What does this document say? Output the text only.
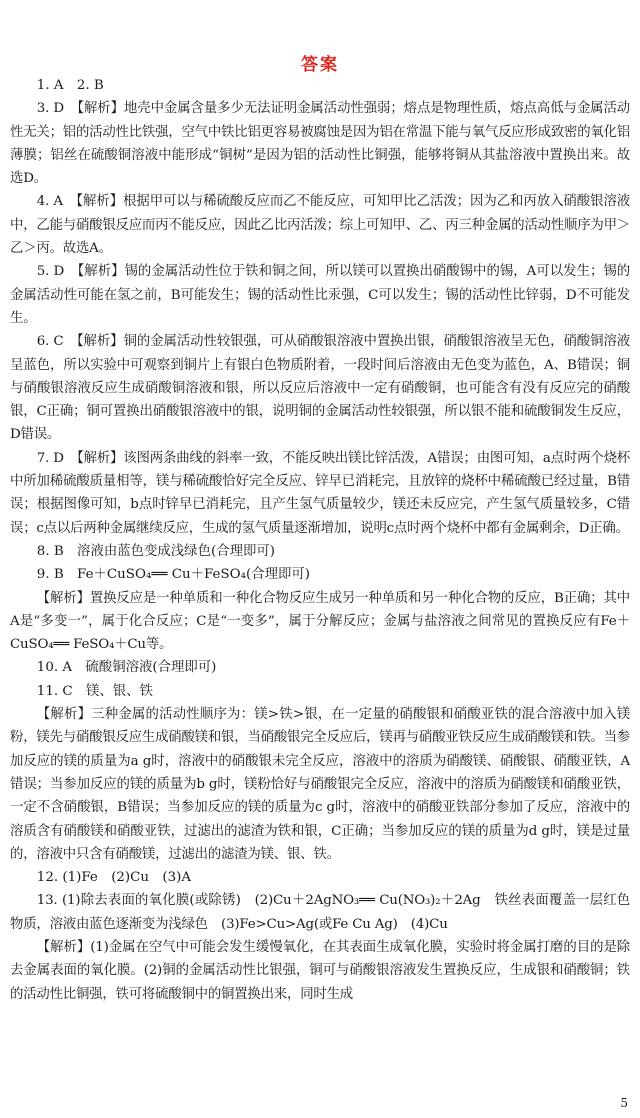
答案

1. A　2. B

3. D　【解析】地壳中金属含量多少无法证明金属活动性强弱；熔点是物理性质，熔点高低与金属活动性无关；铝的活动性比铁强，空气中铁比铝更容易被腐蚀是因为铝在常温下能与氧气反应形成致密的氧化铝薄膜；铝丝在硫酸铜溶液中能形成“铜树”是因为铝的活动性比铜强，能够将铜从其盐溶液中置换出来。故选D。

4. A　【解析】根据甲可以与稀硫酸反应而乙不能反应，可知甲比乙活泼；因为乙和丙放入硝酸银溶液中，乙能与硝酸银反应而丙不能反应，因此乙比丙活泼；综上可知甲、乙、丙三种金属的活动性顺序为甲＞乙＞丙。故选A。

5. D　【解析】锡的金属活动性位于铁和铜之间，所以镁可以置换出硝酸锡中的锡，A可以发生；锡的金属活动性可能在氢之前，B可能发生；锡的活动性比汞强，C可以发生；锡的活动性比锌弱，D不可能发生。

6. C　【解析】铜的金属活动性较银强，可从硝酸银溶液中置换出银，硝酸银溶液呈无色，硝酸铜溶液呈蓝色，所以实验中可观察到铜片上有银白色物质附着，一段时间后溶液由无色变为蓝色，A、B错误；铜与硝酸银溶液反应生成硝酸铜溶液和银，所以反应后溶液中一定有硝酸铜，也可能含有没有反应完的硝酸银，C正确；铜可置换出硝酸银溶液中的银，说明铜的金属活动性较银强，所以银不能和硫酸铜发生反应，D错误。

7. D　【解析】该图两条曲线的斜率一致，不能反映出镁比锌活泼，A错误；由图可知，a点时两个烧杯中所加稀硫酸质量相等，镁与稀硫酸恰好完全反应、锌早已消耗完，且放锌的烧杯中稀硫酸已经过量，B错误；根据图像可知，b点时锌早已消耗完，且产生氢气质量较少，镁还未反应完，产生氢气质量较多，C错误；c点以后两种金属继续反应，生成的氢气质量逐渐增加，说明c点时两个烧杯中都有金属剩余，D正确。

8. B　溶液由蓝色变成浅绿色(合理即可)

9. B　Fe＋CuSO₄══ Cu＋FeSO₄(合理即可)

【解析】置换反应是一种单质和一种化合物反应生成另一种单质和另一种化合物的反应，B正确；其中A是“多变一”，属于化合反应；C是“一变多”，属于分解反应；金属与盐溶液之间常见的置换反应有Fe＋CuSO₄══ FeSO₄＋Cu等。

10. A　硫酸铜溶液(合理即可)

11. C　镁、银、铁

【解析】三种金属的活动性顺序为：镁>铁>银，在一定量的硝酸银和硝酸亚铁的混合溶液中加入镁粉，镁先与硝酸银反应生成硝酸镁和银，当硝酸银完全反应后，镁再与硝酸亚铁反应生成硝酸镁和铁。当参加反应的镁的质量为a g时，溶液中的硝酸银未完全反应，溶液中的溶质为硝酸镁、硝酸银、硝酸亚铁，A错误；当参加反应的镁的质量为b g时，镁粉恰好与硝酸银完全反应，溶液中的溶质为硝酸镁和硝酸亚铁，一定不含硝酸银，B错误；当参加反应的镁的质量为c g时，溶液中的硝酸亚铁部分参加了反应，溶液中的溶质含有硝酸镁和硝酸亚铁，过滤出的滤渣为铁和银，C正确；当参加反应的镁的质量为d g时，镁是过量的，溶液中只含有硝酸镁，过滤出的滤渣为镁、银、铁。

12. (1)Fe　(2)Cu　(3)A

13. (1)除去表面的氧化膜(或除锈)　(2)Cu＋2AgNO₃══ Cu(NO₃)₂＋2Ag　铁丝表面覆盖一层红色物质，溶液由蓝色逐渐变为浅绿色　(3)Fe>Cu>Ag(或Fe Cu Ag)　(4)Cu

【解析】(1)金属在空气中可能会发生缓慢氧化，在其表面生成氧化膜，实验时将金属打磨的目的是除去金属表面的氧化膜。(2)铜的金属活动性比银强，铜可与硝酸银溶液发生置换反应，生成银和硝酸铜；铁的活动性比铜强，铁可将硫酸铜中的铜置换出来，同时生成

5
